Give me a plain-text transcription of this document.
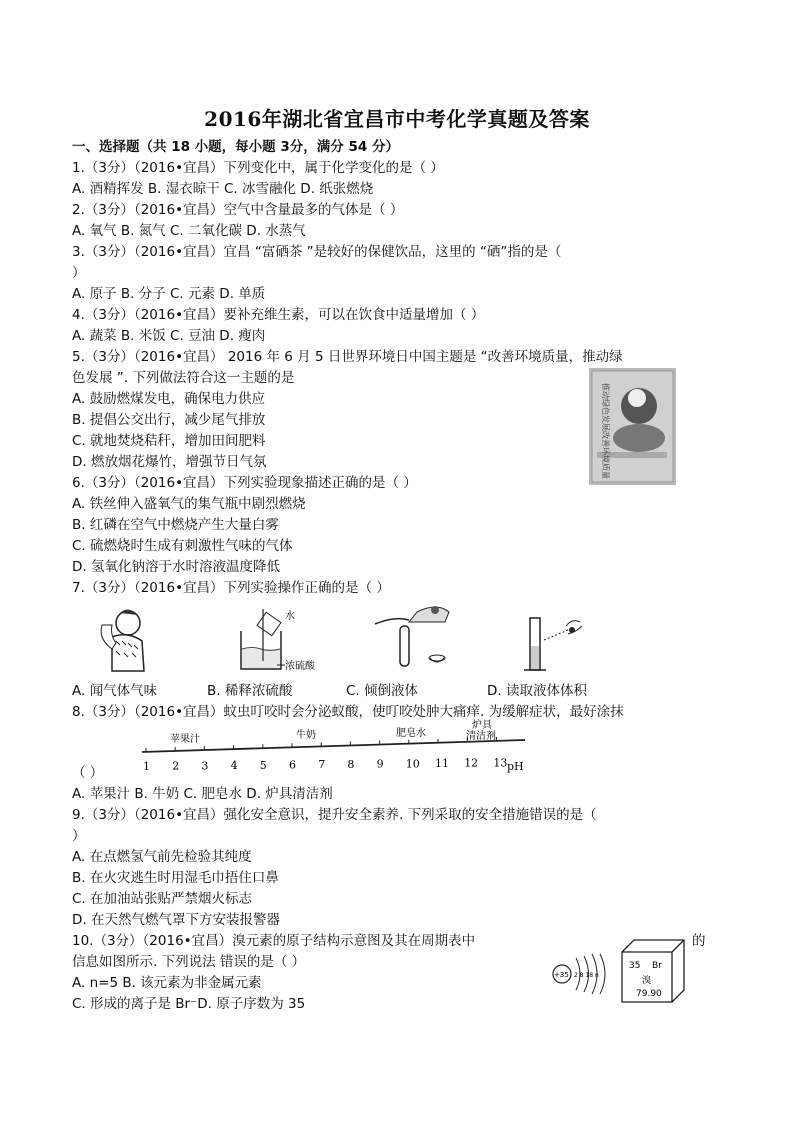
2016年湖北省宜昌市中考化学真题及答案
一、选择题（共 18 小题，每小题 3分，满分 54 分）
1.（3分）（2016•宜昌）下列变化中，属于化学变化的是（ ）
A. 酒精挥发 B. 湿衣晾干 C. 冰雪融化 D. 纸张燃烧
2.（3分）（2016•宜昌）空气中含量最多的气体是（ ）
A. 氧气 B. 氮气 C. 二氧化碳 D. 水蒸气
3.（3分）（2016•宜昌）宜昌 “富硒茶 ”是较好的保健饮品，这里的 “硒”指的是（
）
A. 原子 B. 分子 C. 元素 D. 单质
4.（3分）（2016•宜昌）要补充维生素，可以在饮食中适量增加（ ）
A. 蔬菜 B. 米饭 C. 豆油 D. 瘦肉
5.（3分）（2016•宜昌） 2016 年 6 月 5 日世界环境日中国主题是 “改善环境质量，推动绿
色发展 ”. 下列做法符合这一主题的是
A. 鼓励燃煤发电，确保电力供应
B. 提倡公交出行，减少尾气排放
C. 就地焚烧秸秆，增加田间肥料
D. 燃放烟花爆竹，增强节日气氛	推动绿色发展改善环境质量
6.（3分）（2016•宜昌）下列实验现象描述正确的是（ ）
A. 铁丝伸入盛氧气的集气瓶中剧烈燃烧
B. 红磷在空气中燃烧产生大量白雾
C. 硫燃烧时生成有刺激性气味的气体
D. 氢氧化钠溶于水时溶液温度降低
7.（3分）（2016•宜昌）下列实验操作正确的是（ ）
水
浓硫酸
A. 闻气体气味	B. 稀释浓硫酸	C. 倾倒液体	D. 读取液体体积
8.（3分）（2016•宜昌）蚊虫叮咬时会分泌蚁酸，使叮咬处肿大痛痒. 为缓解症状，最好涂抹
1 2 3 4 5 6 7 8 9 10 11 12 13
苹果汁	牛奶	肥皂水
炉具
清洁剂
pH
（ ）
A. 苹果汁 B. 牛奶 C. 肥皂水 D. 炉具清洁剂
9.（3分）（2016•宜昌）强化安全意识，提升安全素养. 下列采取的安全措施错误的是（
）
A. 在点燃氢气前先检验其纯度
B. 在火灾逃生时用湿毛巾捂住口鼻
C. 在加油站张贴严禁烟火标志
D. 在天然气燃气罩下方安装报警器
10.（3分）（2016•宜昌）溴元素的原子结构示意图及其在周期表中	的
信息如图所示. 下列说法 错误的是（ ）
A. n=5 B. 该元素为非金属元素
C. 形成的离子是 Br⁻D. 原子序数为 35
+35 2 8 18 n
35 Br
溴
79.90
